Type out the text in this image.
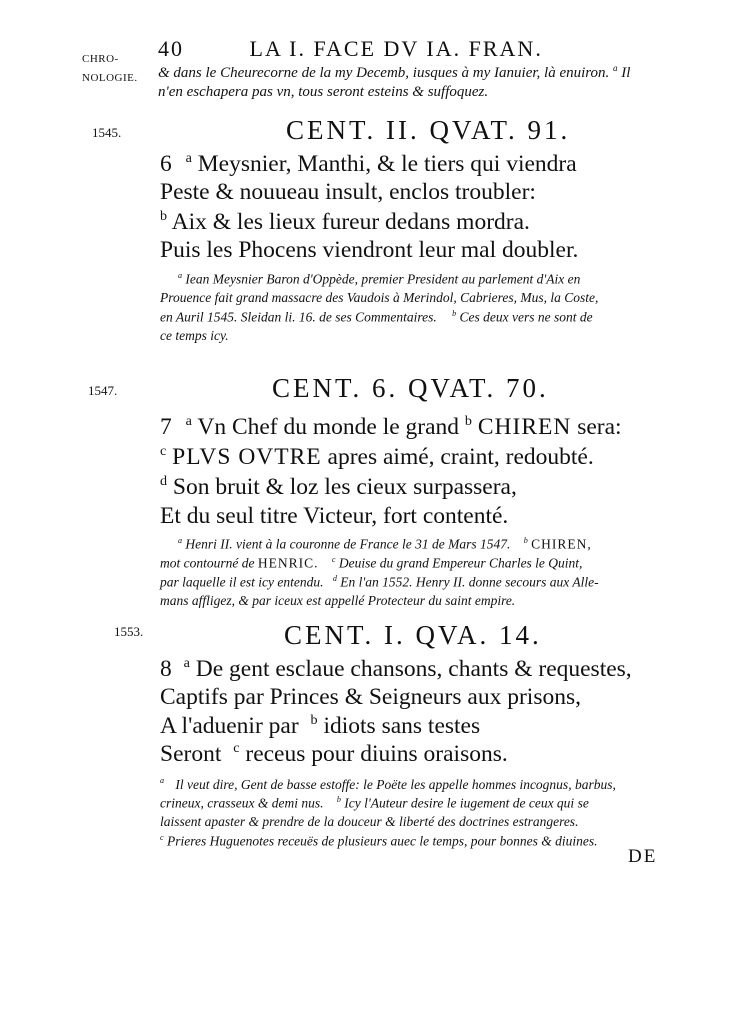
CHRO-
NOLOGIE.
40	LA I. FACE DV IA. FRAN.
& dans le Cheurecorne de la my Decemb, iusques à my Ianuier, là enuiron. $^a$ Il
n'en eschapera pas vn, tous seront esteins & suffoquez.
1545.	CENT. II. QVAT. 91.
6 $^a$ Meysnier, Manthi, & le tiers qui viendra
Peste & nouueau insult, enclos troubler:
$^b$ Aix & les lieux fureur dedans mordra.
Puis les Phocens viendront leur mal doubler.
$^a$ Iean Meysnier Baron d'Oppède, premier President au parlement d'Aix en
Prouence fait grand massacre des Vaudois à Merindol, Cabrieres, Mus, la Coste,
en Auril 1545. Sleidan li. 16. de ses Commentaires. $^b$ Ces deux vers ne sont de
ce temps icy.
1547.	CENT. 6. QVAT. 70.
7 $^a$ Vn Chef du monde le grand $^b$ CHIREN sera:
$^c$ PLVS OVTRE apres aimé, craint, redoubté.
$^d$ Son bruit & loz les cieux surpassera,
Et du seul titre Victeur, fort contenté.
$^a$ Henri II. vient à la couronne de France le 31 de Mars 1547. $^b$ CHIREN,
mot contourné de HENRIC. $^c$ Deuise du grand Empereur Charles le Quint,
par laquelle il est icy entendu. $^d$ En l'an 1552. Henry II. donne secours aux Alle-
mans affligez, & par iceux est appellé Protecteur du saint empire.
1553.	CENT. I. QVA. 14.
8 $^a$ De gent esclaue chansons, chants & requestes,
Captifs par Princes & Seigneurs aux prisons,
A l'aduenir par $^b$ idiots sans testes
Seront $^c$ receus pour diuins oraisons.
$^a$ Il veut dire, Gent de basse estoffe: le Poëte les appelle hommes incognus, barbus,
crineux, crasseux & demi nus. $^b$ Icy l'Auteur desire le iugement de ceux qui se
laissent apaster & prendre de la douceur & liberté des doctrines estrangeres.
$^c$ Prieres Huguenotes receuës de plusieurs auec le temps, pour bonnes & diuines.
DE
